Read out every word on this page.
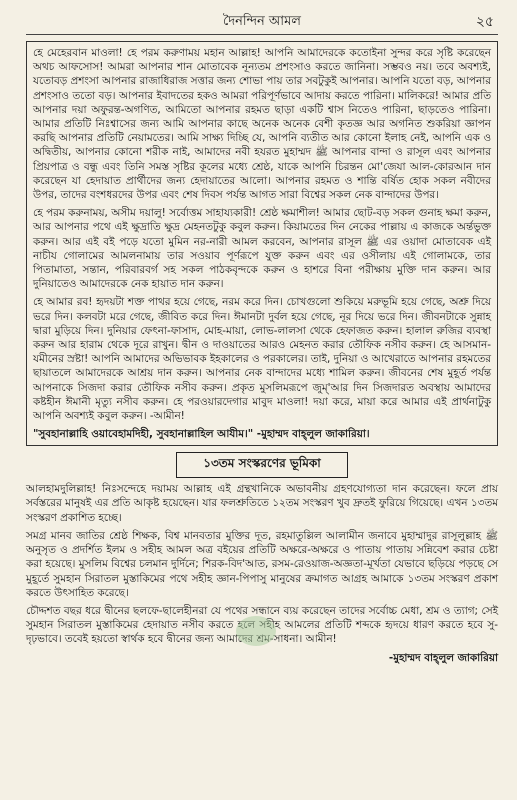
দৈনন্দিন আমল	২৫

হে মেহেরবান মাওলা! হে পরম করুণাময় মহান আল্লাহ! আপনি আমাদেরকে কতোইনা সুন্দর করে সৃষ্টি করেছেন অথচ আফসোস! আমরা আপনার শান মোতাবেক নূন্যতম প্রশংসাও করতে জানিনা। সম্ভবও নয়। তবে অবশ্যই, যতোবড় প্রশংসা আপনার রাজাধিরাজ সত্তার জন্য শোভা পায় তার সবটুকুই আপনার। আপনি যতো বড়, আপনার প্রশংসাও ততো বড়। আপনার ইবাদতের হকও আমরা পরিপূর্ণভাবে আদায় করতে পারিনা। মালিকরে! আমার প্রতি আপনার দয়া অফুরন্ত-অগণিত, আমিতো আপনার রহমত ছাড়া একটি শ্বাস নিতেও পারিনা, ছাড়তেও পারিনা। আমার প্রতিটি নিঃশ্বাসের জন্য আমি আপনার কাছে অনেক অনেক বেশী কৃতজ্ঞ আর অগনিত শুকরিয়া জ্ঞাপন করছি আপনার প্রতিটি নেয়ামতের। আমি সাক্ষ্য দিচ্ছি যে, আপনি ব্যতীত আর কোনো ইলাহ নেই, আপনি এক ও অদ্বিতীয়, আপনার কোনো শরীক নাই, আমাদের নবী হযরত মুহাম্মদ ﷺ আপনার বান্দা ও রাসূল এবং আপনার প্রিয়পাত্র ও বন্ধু এবং তিনি সমস্ত সৃষ্টির কূলের মধ্যে শ্রেষ্ঠ, যাকে আপনি চিরন্তন মো'জেযা আল-কোরআন দান করেছেন যা হেদায়াত প্রার্থীদের জন্য হেদায়াতের আলো। আপনার রহমত ও শান্তি বর্ষিত হোক সকল নবীদের উপর, তাদের বংশধরদের উপর এবং শেষ দিবস পর্যন্ত আগত সারা বিশ্বের সকল নেক বান্দাদের উপর।

হে পরম করুনাময়, অসীম দয়ালু! সর্বোত্তম সাহায্যকারী! শ্রেষ্ঠ ক্ষমাশীল! আমার ছোট-বড় সকল গুনাহ ক্ষমা করুন, আর আপনার পথে এই ক্ষুদ্রাতি ক্ষুদ্র মেহনতটুকু কবুল করুন। কিয়ামতের দিন নেকের পাল্লায় এ কাজকে অর্ন্তভুক্ত করুন। আর এই বই পড়ে যতো মুমিন নর-নারী আমল করবেন, আপনার রাসূল ﷺ এর ওয়াদা মোতাবেক এই নাচীয গোলামের আমলনামায় তার সওয়াব পূর্ণরূপে যুক্ত করুন এবং এর ওসীলায় এই গোলামকে, তার পিতামাতা, সন্তান, পরিবারবর্গ সহ সকল পাঠকবৃন্দকে করুন ও হাশরে বিনা পরীক্ষায় মুক্তি দান করুন। আর দুনিয়াতেও আমাদেরকে নেক হায়াত দান করুন।

হে আমার রব! হৃদয়টা শক্ত পাথর হয়ে গেছে, নরম করে দিন। চোখগুলো শুকিয়ে মরুভূমি হয়ে গেছে, অশ্রু দিয়ে ভরে দিন। কলবটা মরে গেছে, জীবিত করে দিন। ঈমানটা দুর্বল হয়ে গেছে, নূর দিয়ে ভরে দিন। জীবনটাকে সুন্নাহ দ্বারা মুড়িয়ে দিন। দুনিয়ার ফেৎনা-ফাসাদ, মোহ-মায়া, লোভ-লালসা থেকে হেফাজত করুন। হালাল রুজির ব্যবস্থা করুন আর হারাম থেকে দূরে রাখুন। দ্বীন ও দাওয়াতের আরও মেহনত করার তৌফিক নসীব করুন। হে আসমান-যমীনের স্রষ্টা! আপনি আমাদের অভিভাবক ইহকালের ও পরকালের। তাই, দুনিয়া ও আখেরাতে আপনার রহমতের ছায়াতলে আমাদেরকে আশ্রয় দান করুন। আপনার নেক বান্দাদের মধ্যে শামিল করুন। জীবনের শেষ মুহূর্ত পর্যন্ত আপনাকে সিজদা করার তৌফিক নসীব করুন। প্রকৃত মুসলিমরূপে জুম্'আর দিন সিজদারত অবস্থায় আমাদের কষ্টহীন ঈমানী মৃত্যু নসীব করুন। হে পরওয়ারদেগার মাবুদ মাওলা! দয়া করে, মায়া করে আমার এই প্রার্থনাটুকু আপনি অবশ্যই কবুল করুন। -আমীন!

"সুবহানাল্লাহি ওয়াবেহামদিহী, সুবহানাল্লাহিল আযীম।" -মুহাম্মদ বাহ্‌লুল জাকারিয়া।
১৩তম সংস্করণের ভূমিকা

আলহামদুলিল্লাহ! নিঃসন্দেহে দয়াময় আল্লাহ এই গ্রন্থখানিকে অভাবনীয় গ্রহণযোগ্যতা দান করেছেন। ফলে প্রায় সর্বস্তরের মানুষই এর প্রতি আকৃষ্ট হয়েছেন। যার ফলশ্রুতিতে ১২তম সংস্করণ খুব দ্রুতই ফুরিয়ে গিয়েছে। এখন ১৩তম সংস্করণ প্রকাশিত হচ্ছে।

সমগ্র মানব জাতির শ্রেষ্ঠ শিক্ষক, বিশ্ব মানবতার মুক্তির দূত, রহমাতুল্লিল আলামীন জনাবে মুহাম্মাদুর রাসূলুল্লাহ ﷺ অনুসৃত ও প্রদর্শিত ইলম ও সহীহ আমল অত্র বইয়ের প্রতিটি অক্ষরে-অক্ষরে ও পাতায় পাতায় সন্নিবেশ করার চেষ্টা করা হয়েছে। মুসলিম বিশ্বের চলমান দুর্দিনে; শিরক-বিদ'আত, রসম-রেওয়াজ-অজ্ঞতা-মূর্খতা যেভাবে ছড়িয়ে পড়ছে সে মুহূর্তে সুমহান সিরাতল মুস্তাকিমের পথে সহীহ জ্ঞান-পিপাসু মানুষের ক্রমাগত আগ্রহ আমাকে ১৩তম সংস্করণ প্রকাশ করতে উৎসাহিত করেছে।

চৌদ্দশত বছর ধরে দ্বীনের ছলফে-ছালেহীনরা যে পথের সন্ধানে ব্যয় করেছেন তাদের সর্বোচ্চ মেধা, শ্রম ও ত্যাগ; সেই সুমহান সিরাতল মুস্তাকিমের হেদায়াত নসীব করতে হলে সহীহ আমলের প্রতিটি শব্দকে হৃদয়ে ধারণ করতে হবে সু-দৃঢ়ভাবে। তবেই হয়তো স্বার্থক হবে দ্বীনের জন্য আমাদের শ্রম-সাধনা। আমীন!

-মুহাম্মদ বাহ্‌লুল জাকারিয়া
